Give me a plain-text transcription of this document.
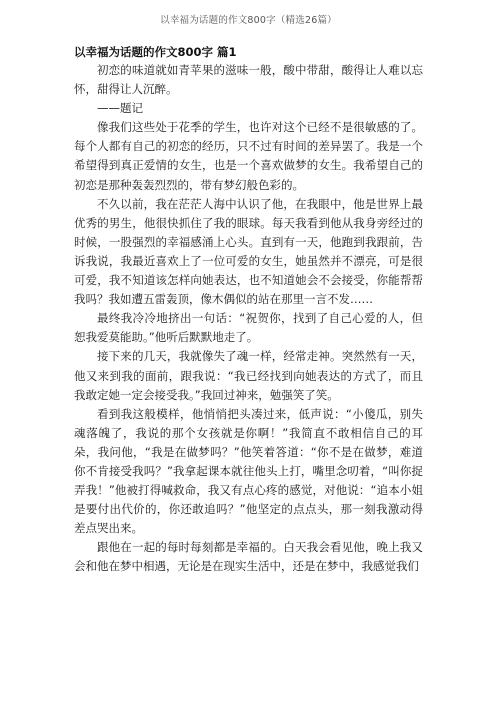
以幸福为话题的作文800字（精选26篇）
以幸福为话题的作文800字 篇1

初恋的味道就如青苹果的滋味一般，酸中带甜，酸得让人难以忘怀，甜得让人沉醉。

——题记

像我们这些处于花季的学生，也许对这个已经不是很敏感的了。每个人都有自己的初恋的经历，只不过有时间的差异罢了。我是一个希望得到真正爱情的女生，也是一个喜欢做梦的女生。我希望自己的初恋是那种轰轰烈烈的，带有梦幻般色彩的。

不久以前，我在茫茫人海中认识了他，在我眼中，他是世界上最优秀的男生，他很快抓住了我的眼球。每天我看到他从我身旁经过的时候，一股强烈的幸福感涌上心头。直到有一天，他跑到我跟前，告诉我说，我最近喜欢上了一位可爱的女生，她虽然并不漂亮，可是很可爱，我不知道该怎样向她表达，也不知道她会不会接受，你能帮帮我吗？我如遭五雷轰顶，像木偶似的站在那里一言不发……

最终我冷冷地挤出一句话：“祝贺你，找到了自己心爱的人，但恕我爱莫能助。”他听后默默地走了。

接下来的几天，我就像失了魂一样，经常走神。突然然有一天，他又来到我的面前，跟我说：“我已经找到向她表达的方式了，而且我敢定她一定会接受我。”我回过神来，勉强笑了笑。

看到我这般模样，他悄悄把头凑过来，低声说：“小傻瓜，别失魂落魄了，我说的那个女孩就是你啊！”我简直不敢相信自己的耳朵，我问他，“我是在做梦吗？”他笑着答道：“你不是在做梦，难道你不肯接受我吗？”我拿起课本就往他头上打，嘴里念叨着，“叫你捉弄我！”他被打得喊救命，我又有点心疼的感觉，对他说：“追本小姐是要付出代价的，你还敢追吗？”他坚定的点点头，那一刻我激动得差点哭出来。

跟他在一起的每时每刻都是幸福的。白天我会看见他，晚上我又会和他在梦中相遇，无论是在现实生活中，还是在梦中，我感觉我们
